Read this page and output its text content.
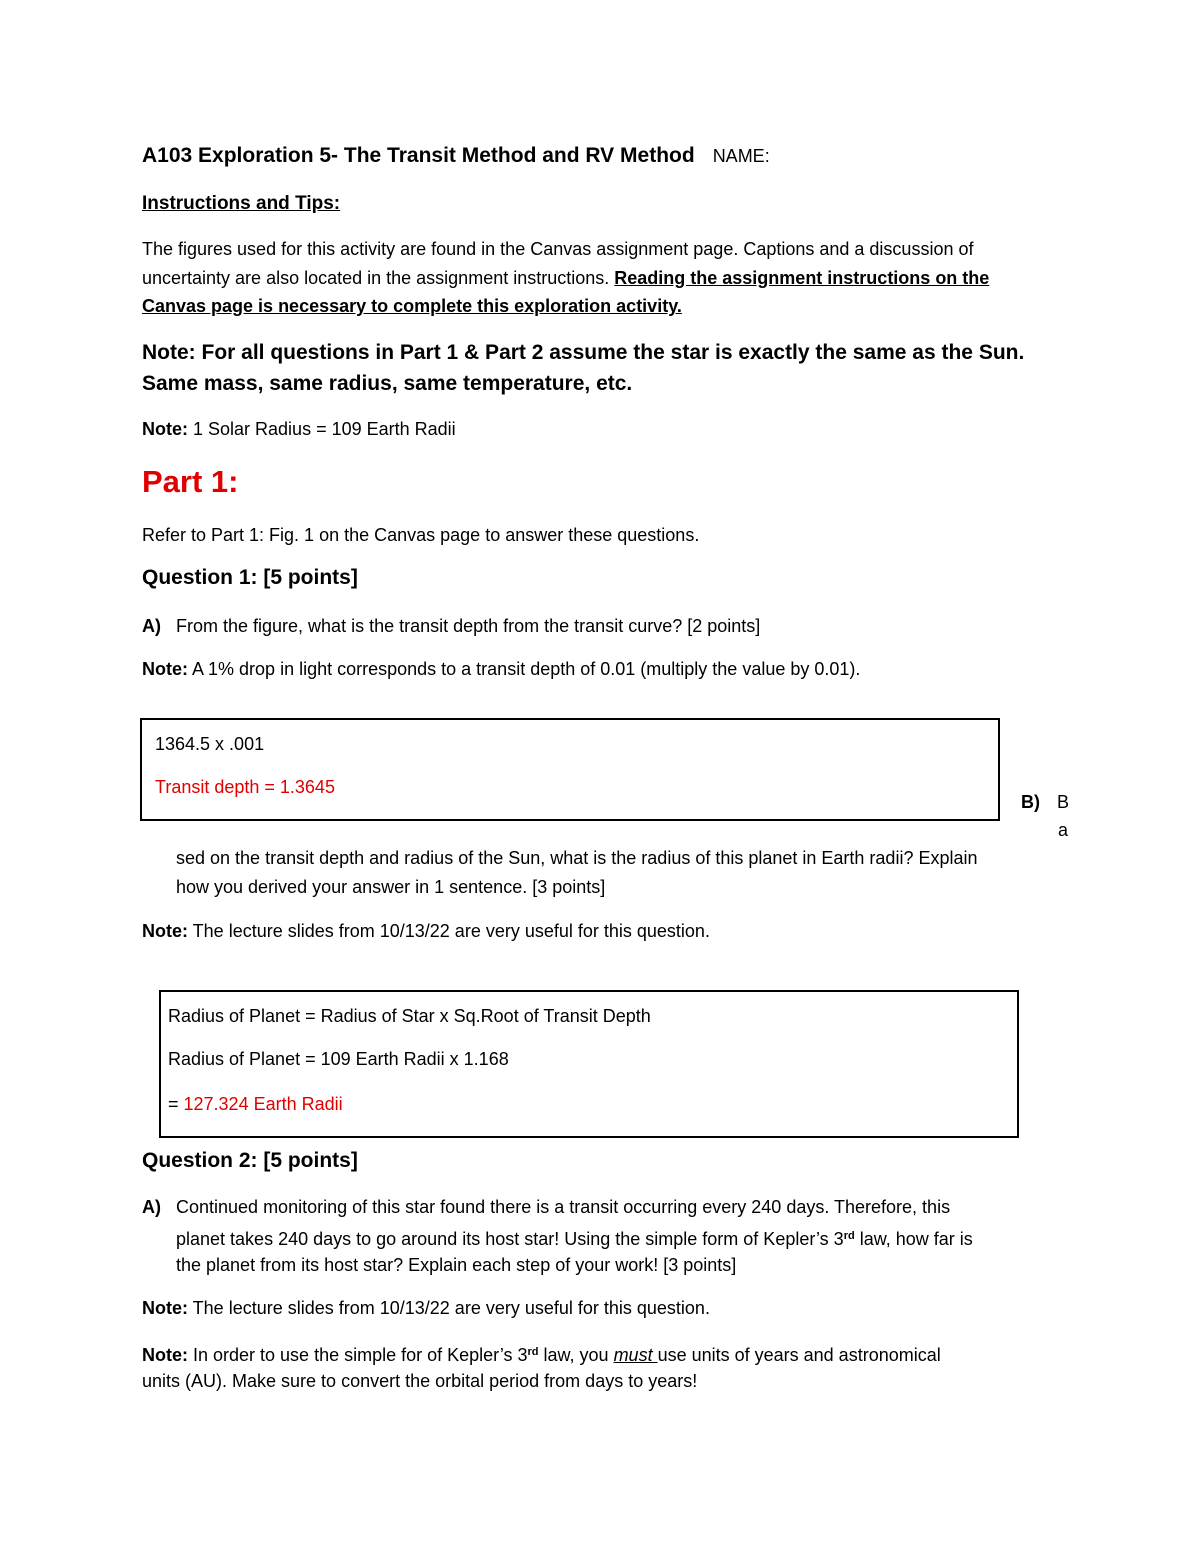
A103 Exploration 5- The Transit Method and RV Method NAME:
Instructions and Tips:
The figures used for this activity are found in the Canvas assignment page. Captions and a discussion of
uncertainty are also located in the assignment instructions. Reading the assignment instructions on the
Canvas page is necessary to complete this exploration activity.
Note: For all questions in Part 1 & Part 2 assume the star is exactly the same as the Sun. Same mass, same radius, same temperature, etc.
Note: 1 Solar Radius = 109 Earth Radii
Part 1:
Refer to Part 1: Fig. 1 on the Canvas page to answer these questions.
Question 1: [5 points]
A) From the figure, what is the transit depth from the transit curve? [2 points]
Note: A 1% drop in light corresponds to a transit depth of 0.01 (multiply the value by 0.01).
1364.5 x .001
Transit depth = 1.3645
B) B
a
sed on the transit depth and radius of the Sun, what is the radius of this planet in Earth radii? Explain
how you derived your answer in 1 sentence. [3 points]
Note: The lecture slides from 10/13/22 are very useful for this question.
Radius of Planet = Radius of Star x Sq.Root of Transit Depth
Radius of Planet = 109 Earth Radii x 1.168
= 127.324 Earth Radii
Question 2: [5 points]
A) Continued monitoring of this star found there is a transit occurring every 240 days. Therefore, this
planet takes 240 days to go around its host star! Using the simple form of Kepler’s 3rd law, how far is
the planet from its host star? Explain each step of your work! [3 points]
Note: The lecture slides from 10/13/22 are very useful for this question.
Note: In order to use the simple for of Kepler’s 3rd law, you must use units of years and astronomical
units (AU). Make sure to convert the orbital period from days to years!
